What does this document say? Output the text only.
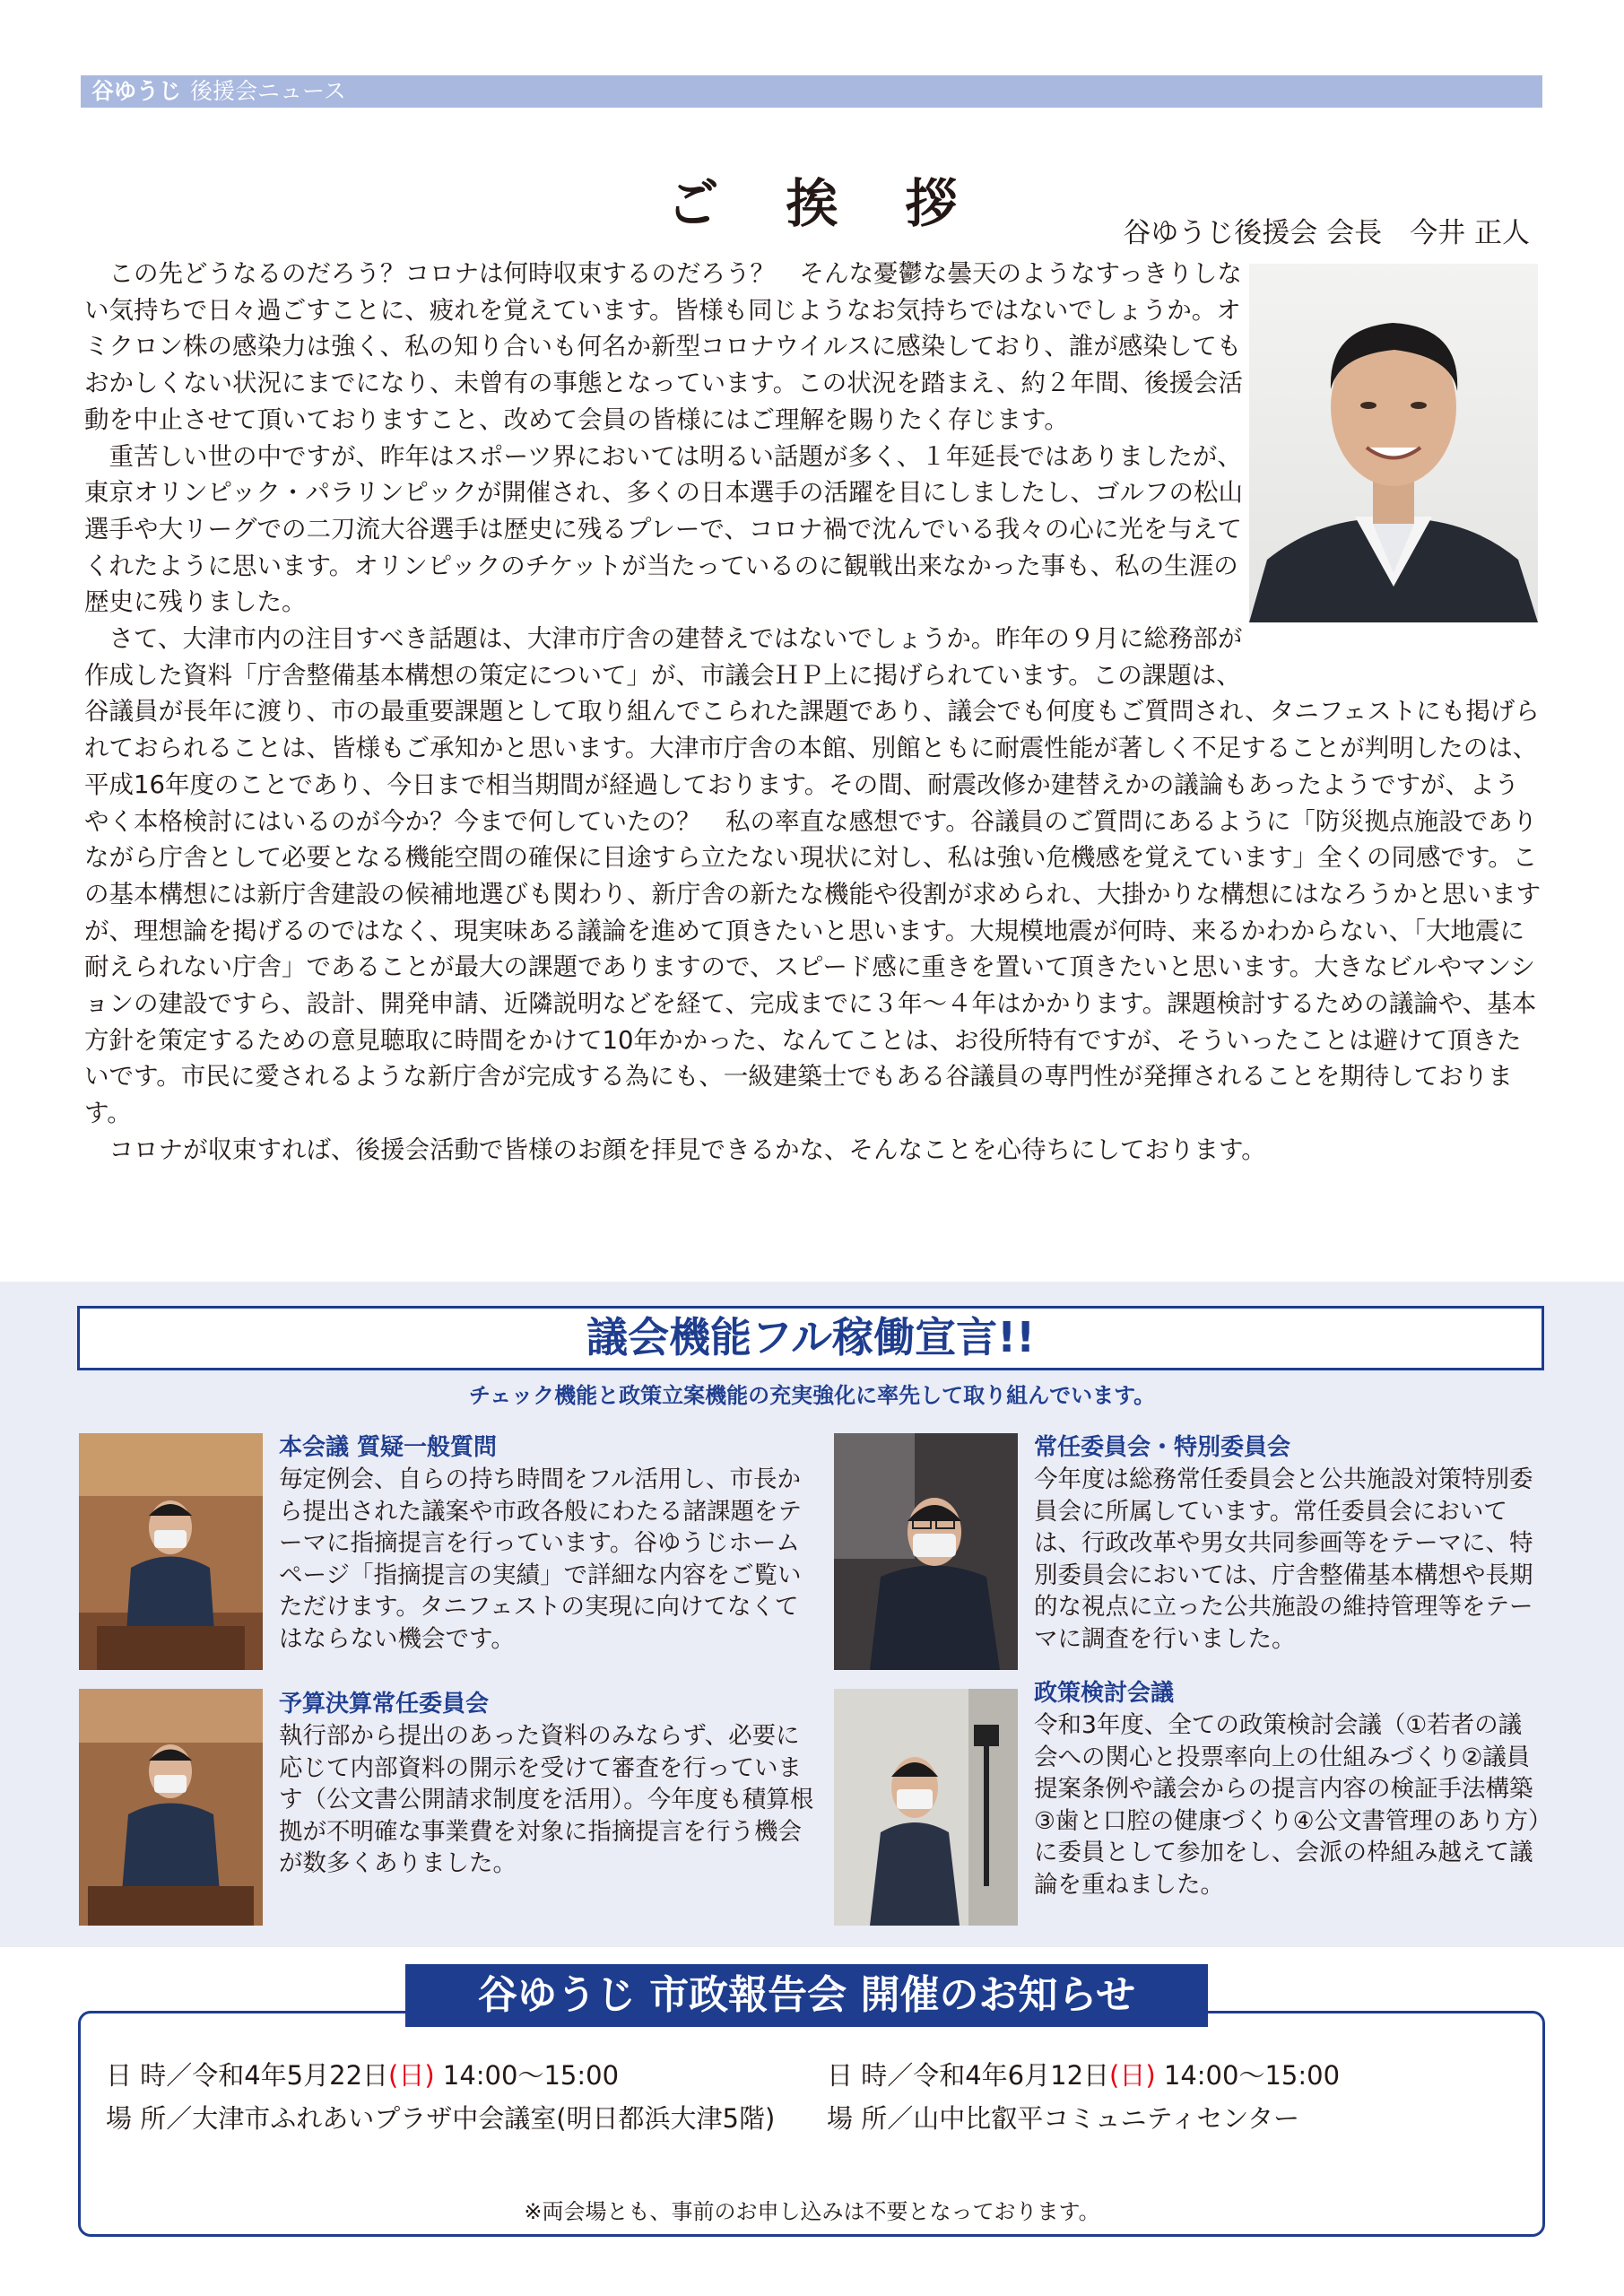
谷ゆうじ 後援会ニュース
ご挨拶	谷ゆうじ後援会 会長　今井 正人

この先どうなるのだろう？コロナは何時収束するのだろう？　そんな憂鬱な曇天のようなすっきりしない気持ちで日々過ごすことに、疲れを覚えています。皆様も同じようなお気持ちではないでしょうか。オミクロン株の感染力は強く、私の知り合いも何名か新型コロナウイルスに感染しており、誰が感染してもおかしくない状況にまでになり、未曾有の事態となっています。この状況を踏まえ、約２年間、後援会活動を中止させて頂いておりますこと、改めて会員の皆様にはご理解を賜りたく存じます。

重苦しい世の中ですが、昨年はスポーツ界においては明るい話題が多く、１年延長ではありましたが、東京オリンピック・パラリンピックが開催され、多くの日本選手の活躍を目にしましたし、ゴルフの松山選手や大リーグでの二刀流大谷選手は歴史に残るプレーで、コロナ禍で沈んでいる我々の心に光を与えてくれたように思います。オリンピックのチケットが当たっているのに観戦出来なかった事も、私の生涯の歴史に残りました。

さて、大津市内の注目すべき話題は、大津市庁舎の建替えではないでしょうか。昨年の９月に総務部が作成した資料「庁舎整備基本構想の策定について」が、市議会ＨＰ上に掲げられています。この課題は、谷議員が長年に渡り、市の最重要課題として取り組んでこられた課題であり、議会でも何度もご質問され、タニフェストにも掲げられておられることは、皆様もご承知かと思います。大津市庁舎の本館、別館ともに耐震性能が著しく不足することが判明したのは、平成16年度のことであり、今日まで相当期間が経過しております。その間、耐震改修か建替えかの議論もあったようですが、ようやく本格検討にはいるのが今か？今まで何していたの？　私の率直な感想です。谷議員のご質問にあるように「防災拠点施設でありながら庁舎として必要となる機能空間の確保に目途すら立たない現状に対し、私は強い危機感を覚えています」全くの同感です。この基本構想には新庁舎建設の候補地選びも関わり、新庁舎の新たな機能や役割が求められ、大掛かりな構想にはなろうかと思いますが、理想論を掲げるのではなく、現実味ある議論を進めて頂きたいと思います。大規模地震が何時、来るかわからない、「大地震に耐えられない庁舎」であることが最大の課題でありますので、スピード感に重きを置いて頂きたいと思います。大きなビルやマンションの建設ですら、設計、開発申請、近隣説明などを経て、完成までに３年〜４年はかかります。課題検討するための議論や、基本方針を策定するための意見聴取に時間をかけて10年かかった、なんてことは、お役所特有ですが、そういったことは避けて頂きたいです。市民に愛されるような新庁舎が完成する為にも、一級建築士でもある谷議員の専門性が発揮されることを期待しております。

コロナが収束すれば、後援会活動で皆様のお顔を拝見できるかな、そんなことを心待ちにしております。

議会機能フル稼働宣言!!
チェック機能と政策立案機能の充実強化に率先して取り組んでいます。
本会議 質疑一般質問
毎定例会、自らの持ち時間をフル活用し、市長から提出された議案や市政各般にわたる諸課題をテーマに指摘提言を行っています。谷ゆうじホームページ「指摘提言の実績」で詳細な内容をご覧いただけます。タニフェストの実現に向けてなくてはならない機会です。
常任委員会・特別委員会
今年度は総務常任委員会と公共施設対策特別委員会に所属しています。常任委員会においては、行政改革や男女共同参画等をテーマに、特別委員会においては、庁舎整備基本構想や長期的な視点に立った公共施設の維持管理等をテーマに調査を行いました。
予算決算常任委員会
執行部から提出のあった資料のみならず、必要に応じて内部資料の開示を受けて審査を行っています（公文書公開請求制度を活用）。今年度も積算根拠が不明確な事業費を対象に指摘提言を行う機会が数多くありました。
政策検討会議
令和3年度、全ての政策検討会議（①若者の議会への関心と投票率向上の仕組みづくり②議員提案条例や議会からの提言内容の検証手法構築③歯と口腔の健康づくり④公文書管理のあり方）に委員として参加をし、会派の枠組み越えて議論を重ねました。
谷ゆうじ 市政報告会 開催のお知らせ
日 時／令和4年5月22日(日) 14:00〜15:00
場 所／大津市ふれあいプラザ中会議室(明日都浜大津5階)
日 時／令和4年6月12日(日) 14:00〜15:00
場 所／山中比叡平コミュニティセンター
※両会場とも、事前のお申し込みは不要となっております。
